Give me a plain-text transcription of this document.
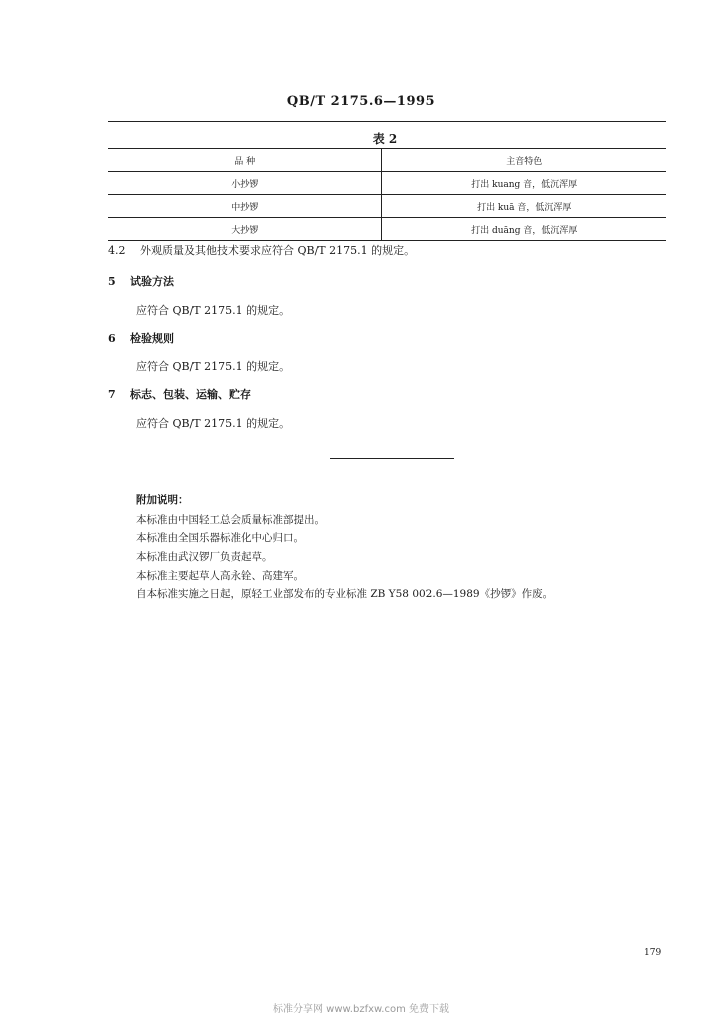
QB/T 2175.6—1995
表 2
品 种	主音特色
小抄锣	打出 kuang 音，低沉浑厚
中抄锣	打出 kuā 音，低沉浑厚
大抄锣	打出 duāng 音，低沉浑厚
4.2 外观质量及其他技术要求应符合 QB/T 2175.1 的规定。
5 试验方法
应符合 QB/T 2175.1 的规定。
6 检验规则
应符合 QB/T 2175.1 的规定。
7 标志、包装、运输、贮存
应符合 QB/T 2175.1 的规定。
附加说明：
本标准由中国轻工总会质量标准部提出。
本标准由全国乐器标准化中心归口。
本标准由武汉锣厂负责起草。
本标准主要起草人高永铨、高建军。
自本标准实施之日起，原轻工业部发布的专业标准 ZB Y58 002.6—1989《抄锣》作废。
179
标准分享网 www.bzfxw.com 免费下载
